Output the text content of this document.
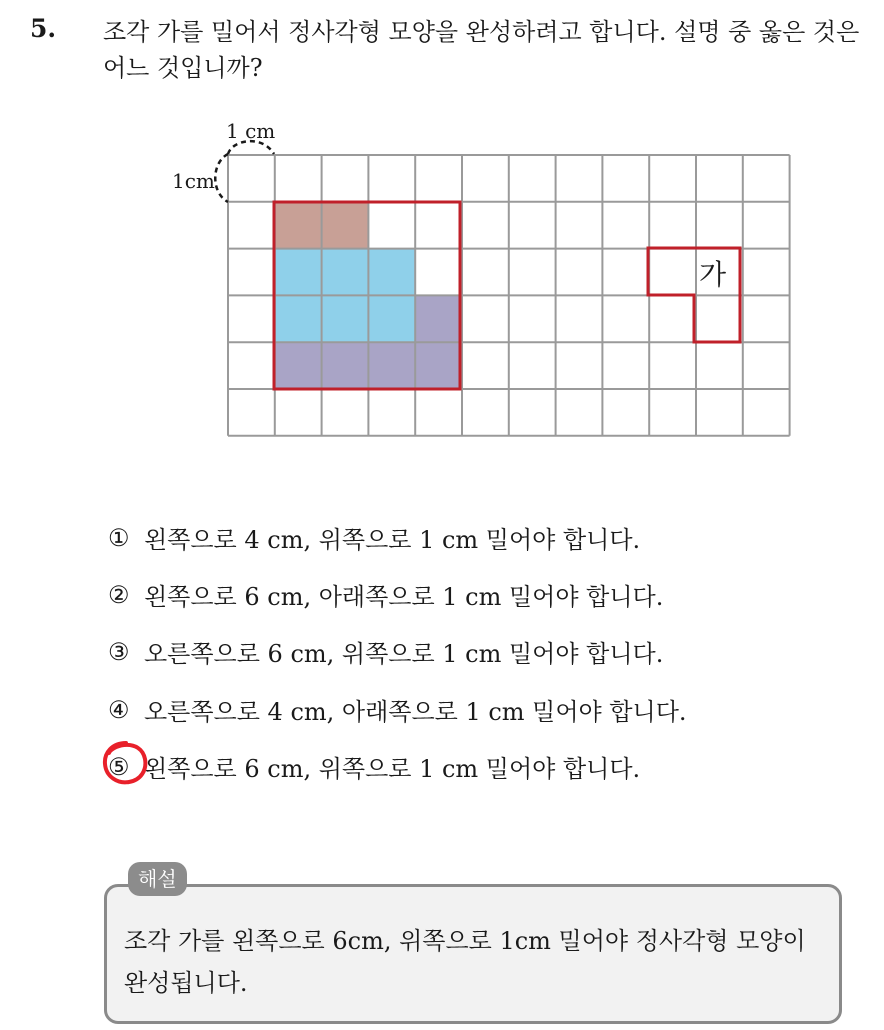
5. 조각 가를 밀어서 정사각형 모양을 완성하려고 합니다. 설명 중 옳은 것은 어느 것입니까?
가
1 cm
1cm
① 왼쪽으로 4 cm, 위쪽으로 1 cm 밀어야 합니다.
② 왼쪽으로 6 cm, 아래쪽으로 1 cm 밀어야 합니다.
③ 오른쪽으로 6 cm, 위쪽으로 1 cm 밀어야 합니다.
④ 오른쪽으로 4 cm, 아래쪽으로 1 cm 밀어야 합니다.
⑤ 왼쪽으로 6 cm, 위쪽으로 1 cm 밀어야 합니다.
해설
조각 가를 왼쪽으로 6cm, 위쪽으로 1cm 밀어야 정사각형 모양이 완성됩니다.
